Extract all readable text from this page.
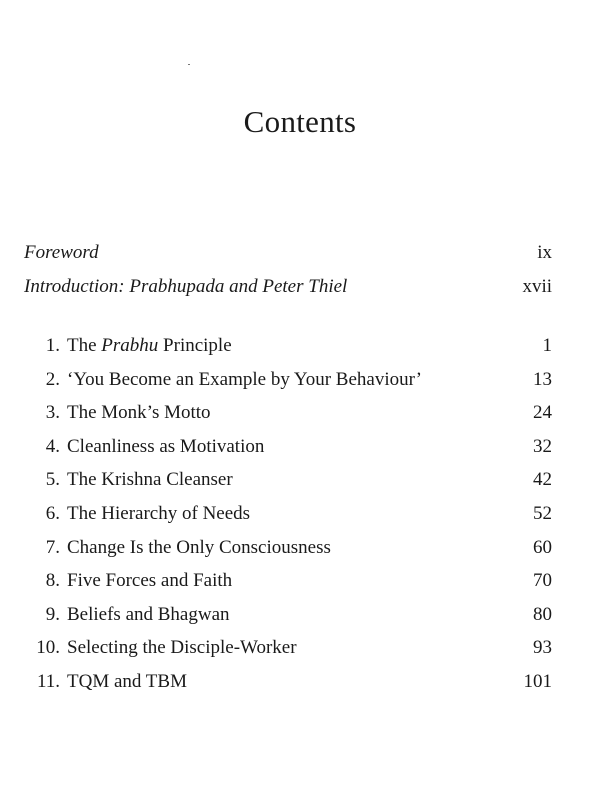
Contents
Foreword	ix
Introduction: Prabhupada and Peter Thiel	xvii
1. The Prabhu Principle	1
2. ‘You Become an Example by Your Behaviour’	13
3. The Monk’s Motto	24
4. Cleanliness as Motivation	32
5. The Krishna Cleanser	42
6. The Hierarchy of Needs	52
7. Change Is the Only Consciousness	60
8. Five Forces and Faith	70
9. Beliefs and Bhagwan	80
10. Selecting the Disciple-Worker	93
11. TQM and TBM	101
